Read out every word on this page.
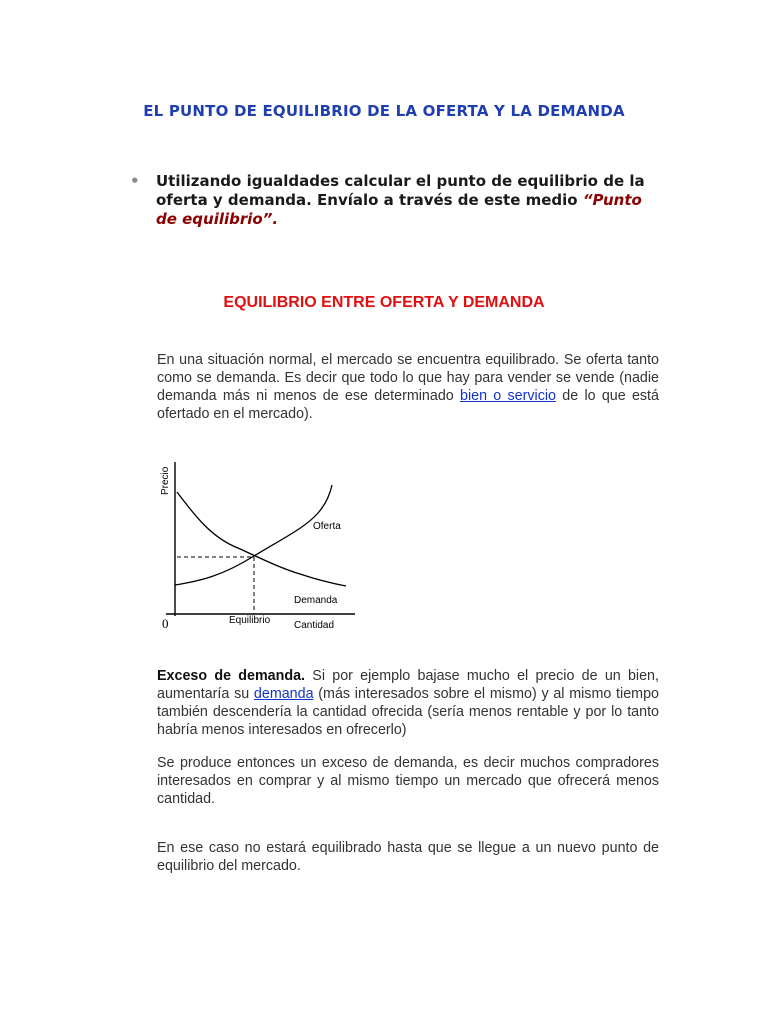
EL PUNTO DE EQUILIBRIO DE LA OFERTA Y LA DEMANDA
• Utilizando igualdades calcular el punto de equilibrio de la oferta y demanda. Envíalo a través de este medio “Punto de equilibrio”.
EQUILIBRIO ENTRE OFERTA Y DEMANDA
En una situación normal, el mercado se encuentra equilibrado. Se oferta tanto como se demanda. Es decir que todo lo que hay para vender se vende (nadie demanda más ni menos de ese determinado bien o servicio de lo que está ofertado en el mercado).
Precio
Oferta
Demanda
0	Equilibrio Cantidad
Exceso de demanda. Si por ejemplo bajase mucho el precio de un bien, aumentaría su demanda (más interesados sobre el mismo) y al mismo tiempo también descendería la cantidad ofrecida (sería menos rentable y por lo tanto habría menos interesados en ofrecerlo)
Se produce entonces un exceso de demanda, es decir muchos compradores interesados en comprar y al mismo tiempo un mercado que ofrecerá menos cantidad.
En ese caso no estará equilibrado hasta que se llegue a un nuevo punto de equilibrio del mercado.
